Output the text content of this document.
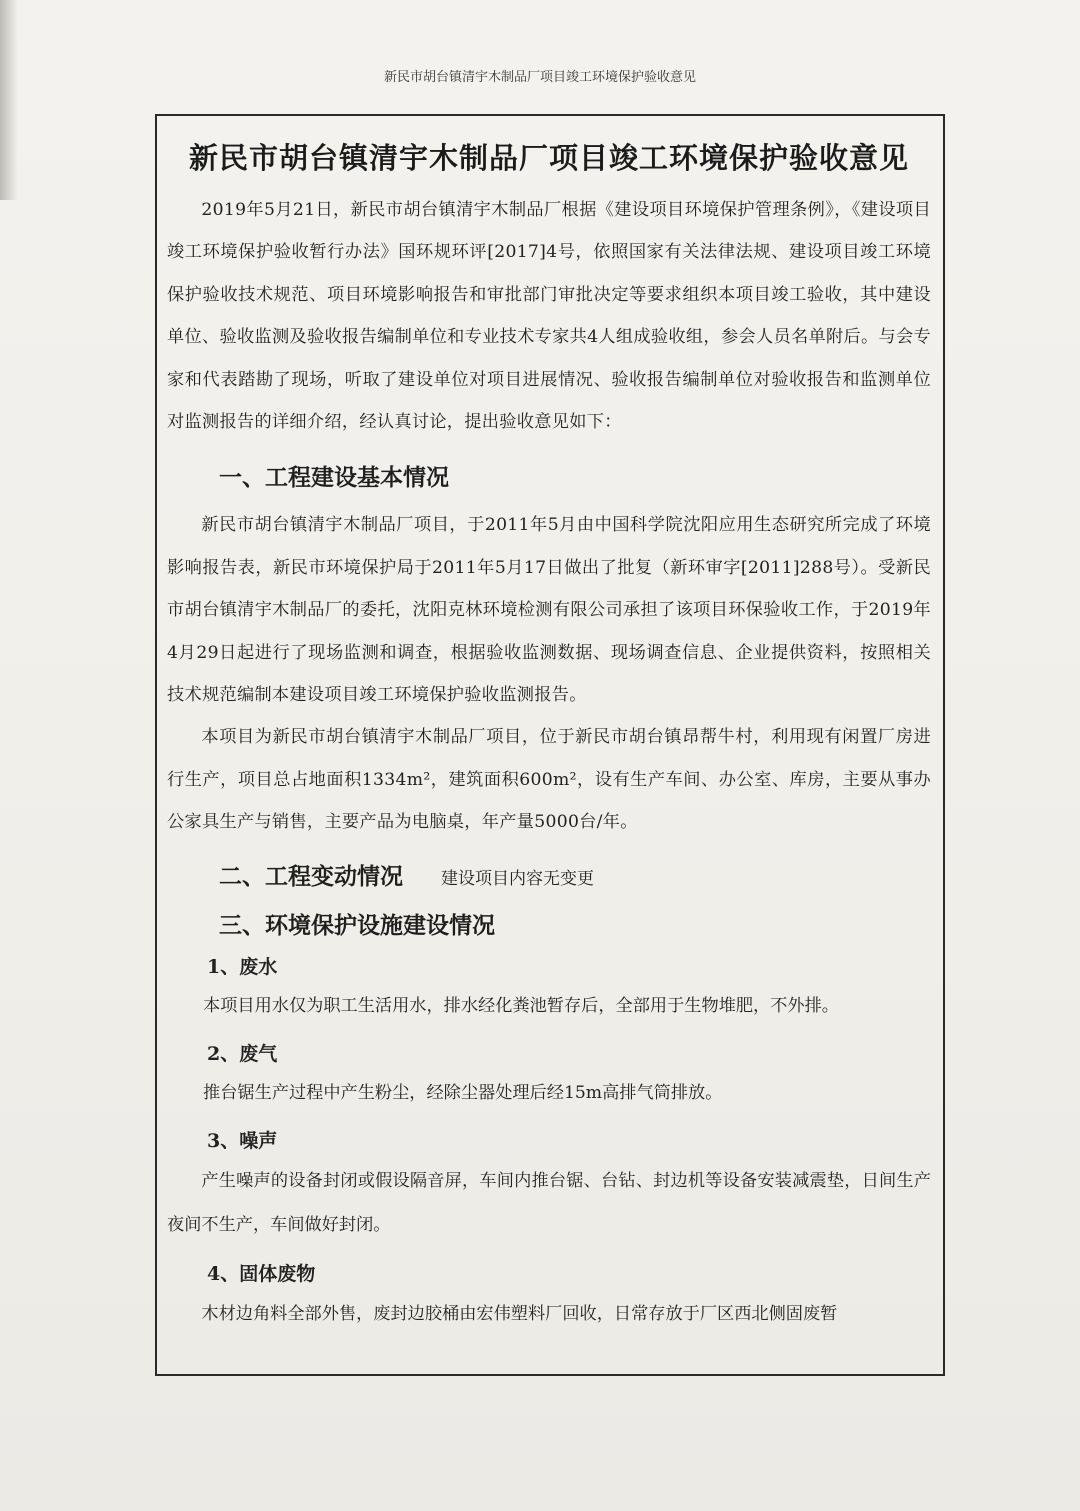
新民市胡台镇清宇木制品厂项目竣工环境保护验收意见
新民市胡台镇清宇木制品厂项目竣工环境保护验收意见

2019年5月21日，新民市胡台镇清宇木制品厂根据《建设项目环境保护管理条例》，《建设项目竣工环境保护验收暂行办法》国环规环评[2017]4号，依照国家有关法律法规、建设项目竣工环境保护验收技术规范、项目环境影响报告和审批部门审批决定等要求组织本项目竣工验收，其中建设单位、验收监测及验收报告编制单位和专业技术专家共4人组成验收组，参会人员名单附后。与会专家和代表踏勘了现场，听取了建设单位对项目进展情况、验收报告编制单位对验收报告和监测单位对监测报告的详细介绍，经认真讨论，提出验收意见如下：

一、工程建设基本情况

新民市胡台镇清宇木制品厂项目，于2011年5月由中国科学院沈阳应用生态研究所完成了环境影响报告表，新民市环境保护局于2011年5月17日做出了批复（新环审字[2011]288号）。受新民市胡台镇清宇木制品厂的委托，沈阳克林环境检测有限公司承担了该项目环保验收工作，于2019年4月29日起进行了现场监测和调查，根据验收监测数据、现场调查信息、企业提供资料，按照相关技术规范编制本建设项目竣工环境保护验收监测报告。

本项目为新民市胡台镇清宇木制品厂项目，位于新民市胡台镇昂帮牛村，利用现有闲置厂房进行生产，项目总占地面积1334m²，建筑面积600m²，设有生产车间、办公室、库房，主要从事办公家具生产与销售，主要产品为电脑桌，年产量5000台/年。

二、工程变动情况 建设项目内容无变更
三、环境保护设施建设情况
1、废水

本项目用水仅为职工生活用水，排水经化粪池暂存后，全部用于生物堆肥，不外排。

2、废气

推台锯生产过程中产生粉尘，经除尘器处理后经15m高排气筒排放。

3、噪声

产生噪声的设备封闭或假设隔音屏，车间内推台锯、台钻、封边机等设备安装减震垫，日间生产夜间不生产，车间做好封闭。

4、固体废物

木材边角料全部外售，废封边胶桶由宏伟塑料厂回收，日常存放于厂区西北侧固废暂
